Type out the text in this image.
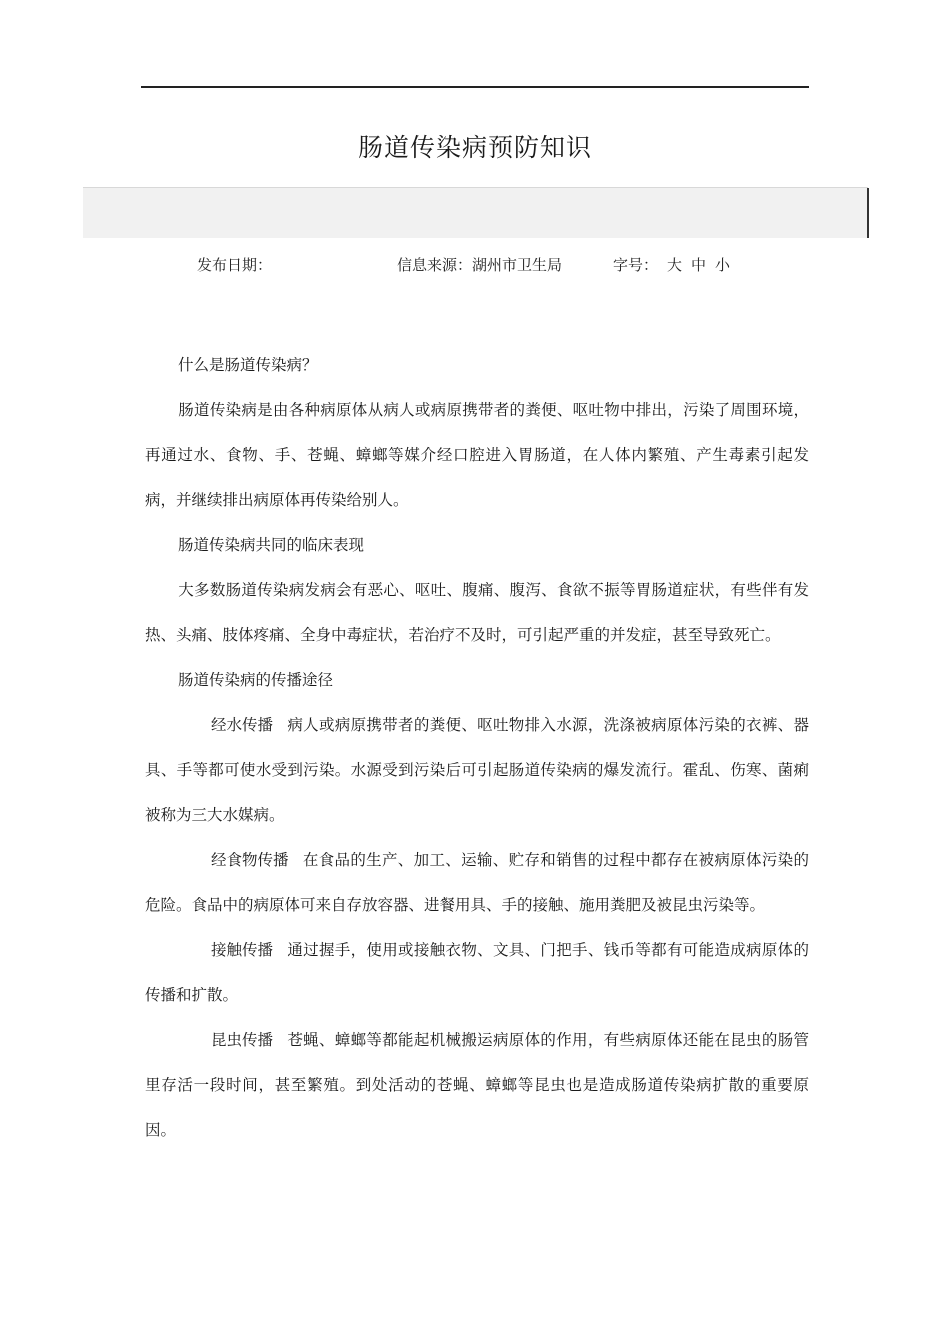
肠道传染病预防知识
发布日期：	信息来源：湖州市卫生局	字号： 大 中 小

什么是肠道传染病？

肠道传染病是由各种病原体从病人或病原携带者的粪便、呕吐物中排出，污染了周围环境，再通过水、食物、手、苍蝇、蟑螂等媒介经口腔进入胃肠道，在人体内繁殖、产生毒素引起发病，并继续排出病原体再传染给别人。

肠道传染病共同的临床表现

大多数肠道传染病发病会有恶心、呕吐、腹痛、腹泻、食欲不振等胃肠道症状，有些伴有发热、头痛、肢体疼痛、全身中毒症状，若治疗不及时，可引起严重的并发症，甚至导致死亡。

肠道传染病的传播途径

经水传播 病人或病原携带者的粪便、呕吐物排入水源，洗涤被病原体污染的衣裤、器具、手等都可使水受到污染。水源受到污染后可引起肠道传染病的爆发流行。霍乱、伤寒、菌痢被称为三大水媒病。

经食物传播 在食品的生产、加工、运输、贮存和销售的过程中都存在被病原体污染的危险。食品中的病原体可来自存放容器、进餐用具、手的接触、施用粪肥及被昆虫污染等。

接触传播 通过握手，使用或接触衣物、文具、门把手、钱币等都有可能造成病原体的传播和扩散。

昆虫传播 苍蝇、蟑螂等都能起机械搬运病原体的作用，有些病原体还能在昆虫的肠管里存活一段时间，甚至繁殖。到处活动的苍蝇、蟑螂等昆虫也是造成肠道传染病扩散的重要原因。
